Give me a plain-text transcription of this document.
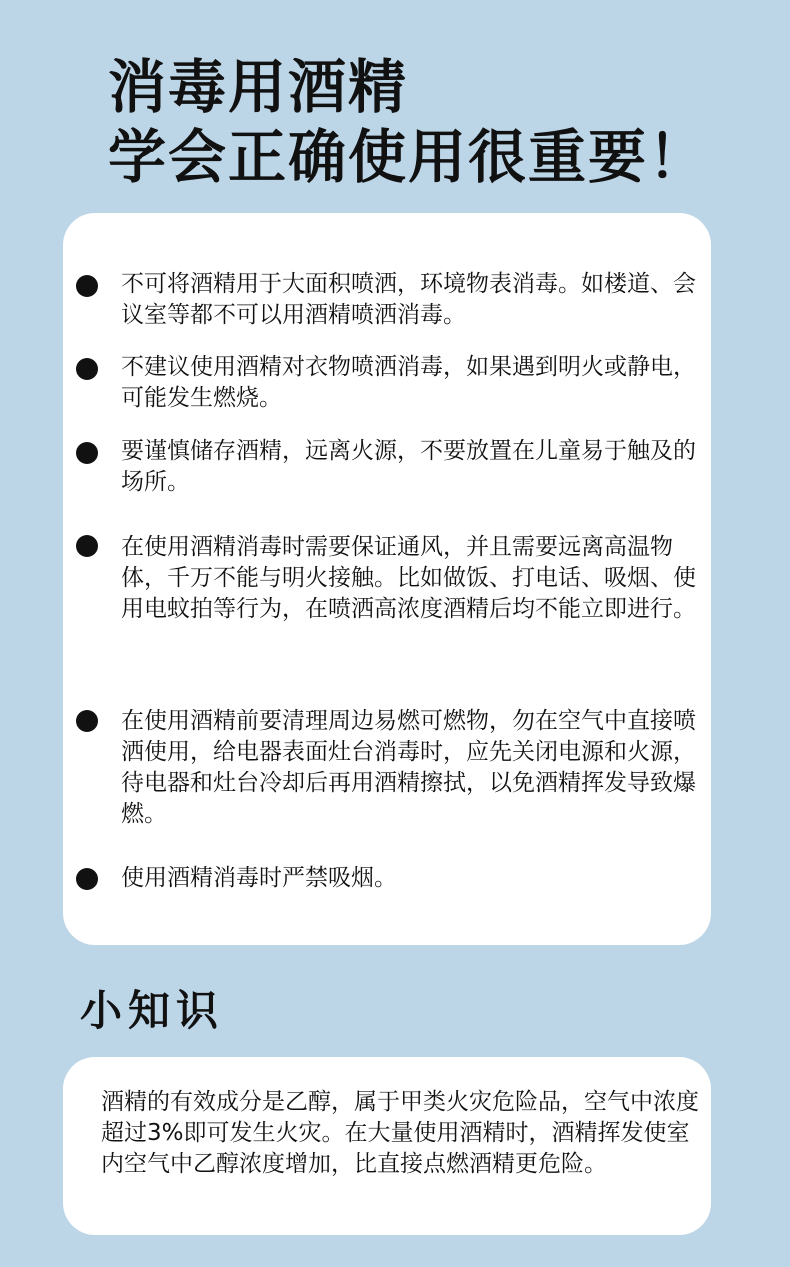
消毒用酒精
学会正确使用很重要！
不可将酒精用于大面积喷洒，环境物表消毒。如楼道、会议室等都不可以用酒精喷洒消毒。
不建议使用酒精对衣物喷洒消毒，如果遇到明火或静电，可能发生燃烧。
要谨慎储存酒精，远离火源，不要放置在儿童易于触及的场所。
在使用酒精消毒时需要保证通风，并且需要远离高温物体，千万不能与明火接触。比如做饭、打电话、吸烟、使用电蚊拍等行为，在喷洒高浓度酒精后均不能立即进行。
在使用酒精前要清理周边易燃可燃物，勿在空气中直接喷洒使用，给电器表面灶台消毒时，应先关闭电源和火源，待电器和灶台冷却后再用酒精擦拭，以免酒精挥发导致爆燃。
使用酒精消毒时严禁吸烟。
小知识
酒精的有效成分是乙醇，属于甲类火灾危险品，空气中浓度超过3%即可发生火灾。在大量使用酒精时，酒精挥发使室内空气中乙醇浓度增加，比直接点燃酒精更危险。
